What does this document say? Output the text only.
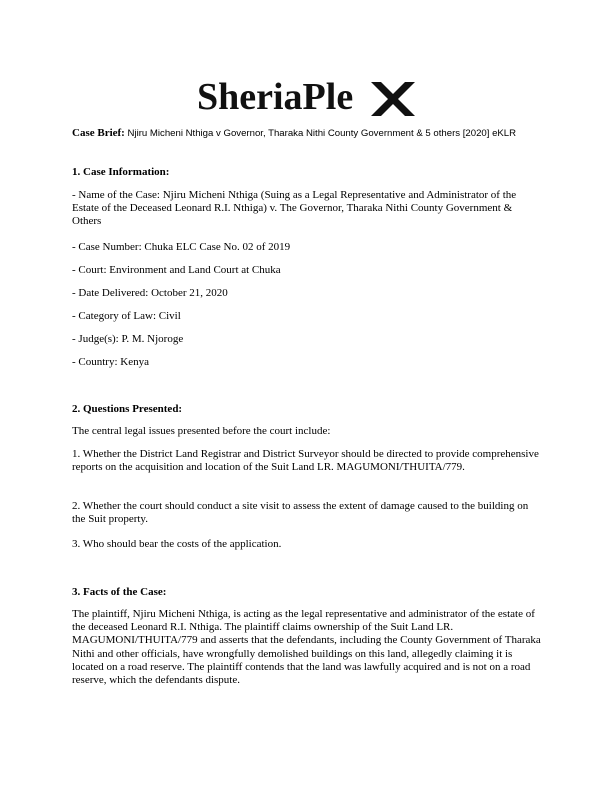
SheriaPle
Case Brief: Njiru Micheni Nthiga v Governor, Tharaka Nithi County Government & 5 others [2020] eKLR
1. Case Information:
- Name of the Case: Njiru Micheni Nthiga (Suing as a Legal Representative and Administrator of the Estate of the Deceased Leonard R.I. Nthiga) v. The Governor, Tharaka Nithi County Government & Others
- Case Number: Chuka ELC Case No. 02 of 2019
- Court: Environment and Land Court at Chuka
- Date Delivered: October 21, 2020
- Category of Law: Civil
- Judge(s): P. M. Njoroge
- Country: Kenya
2. Questions Presented:
The central legal issues presented before the court include:
1. Whether the District Land Registrar and District Surveyor should be directed to provide comprehensive reports on the acquisition and location of the Suit Land LR. MAGUMONI/THUITA/779.
2. Whether the court should conduct a site visit to assess the extent of damage caused to the building on the Suit property.
3. Who should bear the costs of the application.
3. Facts of the Case:
The plaintiff, Njiru Micheni Nthiga, is acting as the legal representative and administrator of the estate of the deceased Leonard R.I. Nthiga. The plaintiff claims ownership of the Suit Land LR. MAGUMONI/THUITA/779 and asserts that the defendants, including the County Government of Tharaka Nithi and other officials, have wrongfully demolished buildings on this land, allegedly claiming it is located on a road reserve. The plaintiff contends that the land was lawfully acquired and is not on a road reserve, which the defendants dispute.
